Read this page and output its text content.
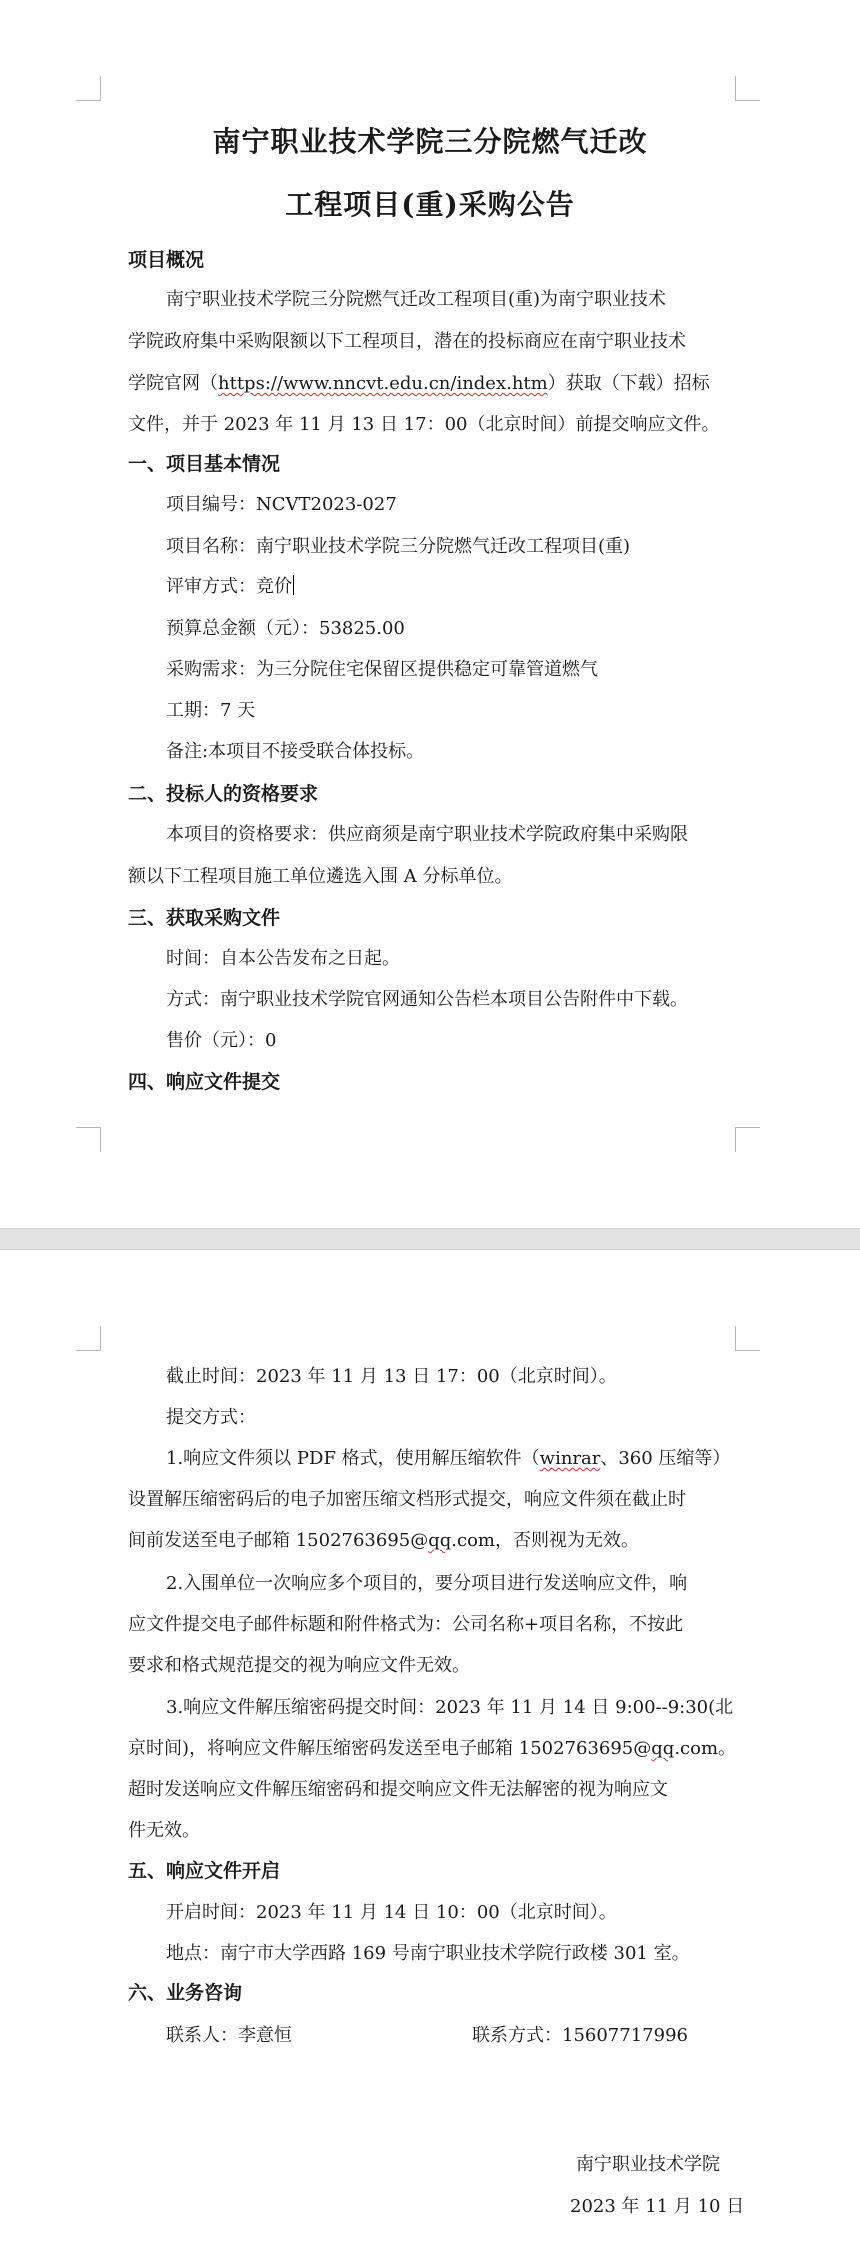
南宁职业技术学院三分院燃气迁改
工程项目(重)采购公告

项目概况

南宁职业技术学院三分院燃气迁改工程项目(重)为南宁职业技术

学院政府集中采购限额以下工程项目，潜在的投标商应在南宁职业技术

学院官网（https://www.nncvt.edu.cn/index.htm）获取（下载）招标

文件，并于 2023 年 11 月 13 日 17：00（北京时间）前提交响应文件。

一、项目基本情况

项目编号：NCVT2023-027

项目名称：南宁职业技术学院三分院燃气迁改工程项目(重)

评审方式：竞价

预算总金额（元）：53825.00

采购需求：为三分院住宅保留区提供稳定可靠管道燃气

工期：7 天

备注:本项目不接受联合体投标。

二、投标人的资格要求

本项目的资格要求：供应商须是南宁职业技术学院政府集中采购限

额以下工程项目施工单位遴选入围 A 分标单位。

三、获取采购文件

时间：自本公告发布之日起。

方式：南宁职业技术学院官网通知公告栏本项目公告附件中下载。

售价（元）：0

四、响应文件提交

截止时间：2023 年 11 月 13 日 17：00（北京时间）。

提交方式：

1.响应文件须以 PDF 格式，使用解压缩软件（winrar、360 压缩等）

设置解压缩密码后的电子加密压缩文档形式提交，响应文件须在截止时

间前发送至电子邮箱 1502763695@qq.com，否则视为无效。

2.入围单位一次响应多个项目的，要分项目进行发送响应文件，响

应文件提交电子邮件标题和附件格式为：公司名称+项目名称，不按此

要求和格式规范提交的视为响应文件无效。

3.响应文件解压缩密码提交时间：2023 年 11 月 14 日 9:00--9:30(北

京时间)，将响应文件解压缩密码发送至电子邮箱 1502763695@qq.com。

超时发送响应文件解压缩密码和提交响应文件无法解密的视为响应文

件无效。

五、响应文件开启

开启时间：2023 年 11 月 14 日 10：00（北京时间）。

地点：南宁市大学西路 169 号南宁职业技术学院行政楼 301 室。

六、业务咨询

联系人：李意恒	联系方式：15607717996

南宁职业技术学院

2023 年 11 月 10 日
